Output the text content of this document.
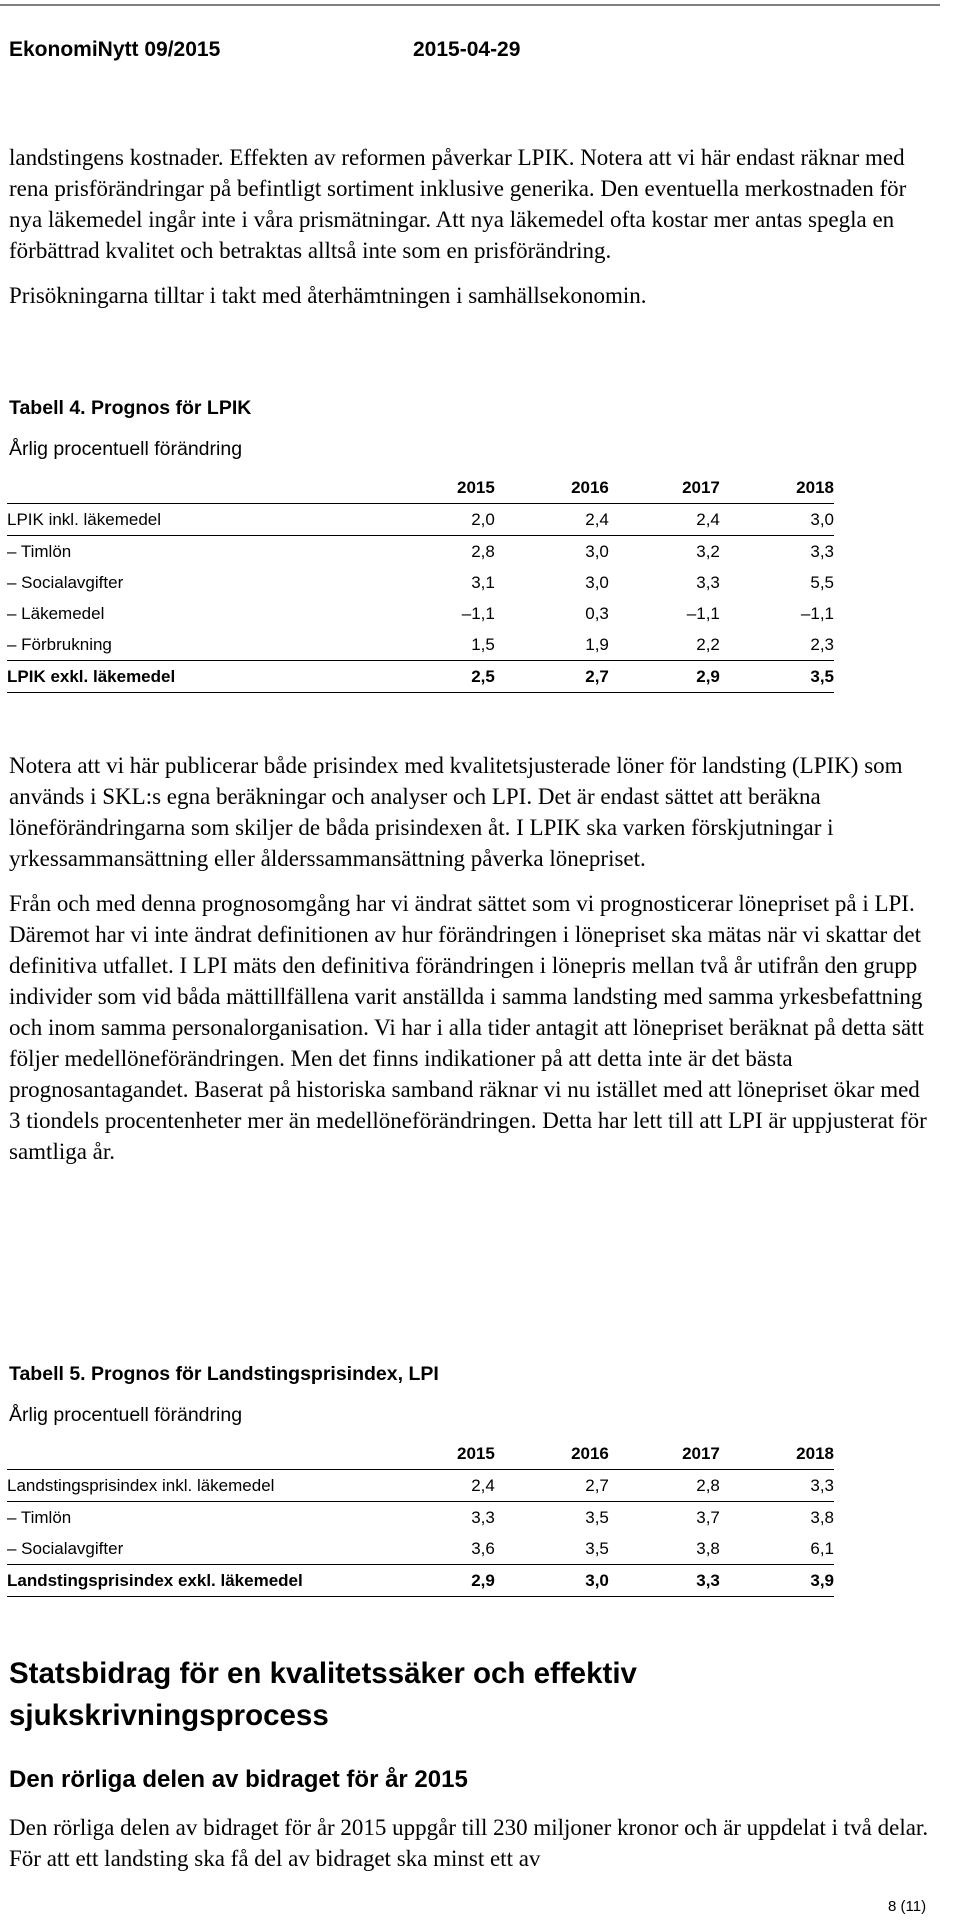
EkonomiNytt 09/2015	2015-04-29

landstingens kostnader. Effekten av reformen påverkar LPIK. Notera att vi här endast räknar med rena prisförändringar på befintligt sortiment inklusive generika. Den eventuella merkostnaden för nya läkemedel ingår inte i våra prismätningar. Att nya läkemedel ofta kostar mer antas spegla en förbättrad kvalitet och betraktas alltså inte som en prisförändring.

Prisökningarna tilltar i takt med återhämtningen i samhällsekonomin.

Tabell 4. Prognos för LPIK
Årlig procentuell förändring
	2015	2016	2017	2018
LPIK inkl. läkemedel	2,0	2,4	2,4	3,0
– Timlön	2,8	3,0	3,2	3,3
– Socialavgifter	3,1	3,0	3,3	5,5
– Läkemedel	–1,1	0,3	–1,1	–1,1
– Förbrukning	1,5	1,9	2,2	2,3
LPIK exkl. läkemedel	2,5	2,7	2,9	3,5

Notera att vi här publicerar både prisindex med kvalitetsjusterade löner för landsting (LPIK) som används i SKL:s egna beräkningar och analyser och LPI. Det är endast sättet att beräkna löneförändringarna som skiljer de båda prisindexen åt. I LPIK ska varken förskjutningar i yrkessammansättning eller ålderssammansättning påverka lönepriset.

Från och med denna prognosomgång har vi ändrat sättet som vi prognosticerar lönepriset på i LPI. Däremot har vi inte ändrat definitionen av hur förändringen i lönepriset ska mätas när vi skattar det definitiva utfallet. I LPI mäts den definitiva förändringen i lönepris mellan två år utifrån den grupp individer som vid båda mättillfällena varit anställda i samma landsting med samma yrkesbefattning och inom samma personalorganisation. Vi har i alla tider antagit att lönepriset beräknat på detta sätt följer medellöneförändringen. Men det finns indikationer på att detta inte är det bästa prognosantagandet. Baserat på historiska samband räknar vi nu istället med att lönepriset ökar med 3 tiondels procentenheter mer än medellöneförändringen. Detta har lett till att LPI är uppjusterat för samtliga år.

Tabell 5. Prognos för Landstingsprisindex, LPI
Årlig procentuell förändring
	2015	2016	2017	2018
Landstingsprisindex inkl. läkemedel	2,4	2,7	2,8	3,3
– Timlön	3,3	3,5	3,7	3,8
– Socialavgifter	3,6	3,5	3,8	6,1
Landstingsprisindex exkl. läkemedel	2,9	3,0	3,3	3,9
Statsbidrag för en kvalitetssäker och effektiv sjukskrivningsprocess
Den rörliga delen av bidraget för år 2015

Den rörliga delen av bidraget för år 2015 uppgår till 230 miljoner kronor och är uppdelat i två delar. För att ett landsting ska få del av bidraget ska minst ett av

8 (11)
